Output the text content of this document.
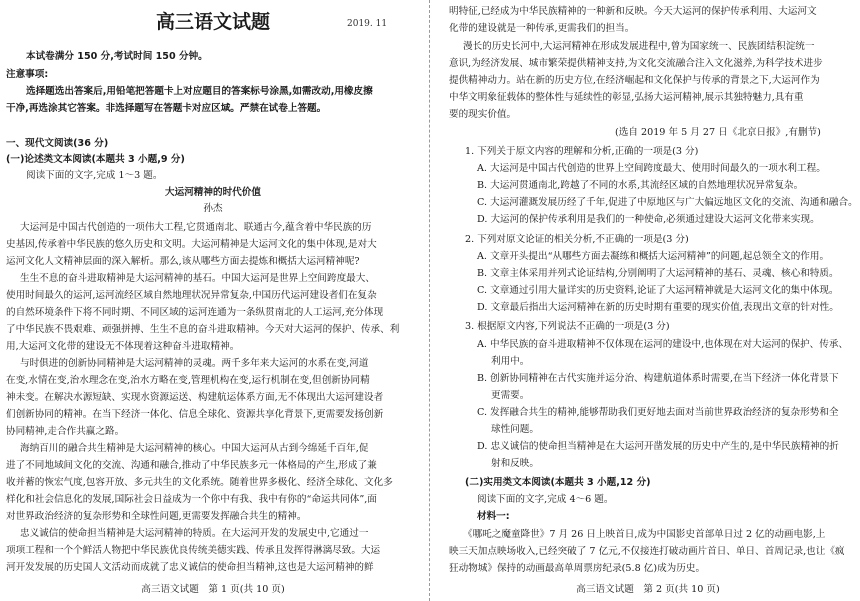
高三语文试题	2019. 11
本试卷满分 150 分,考试时间 150 分钟。
注意事项:
选择题选出答案后,用铅笔把答题卡上对应题目的答案标号涂黑,如需改动,用橡皮擦
干净,再选涂其它答案。非选择题写在答题卡对应区域。严禁在试卷上答题。
一、现代文阅读(36 分)
(一)论述类文本阅读(本题共 3 小题,9 分)
阅读下面的文字,完成 1～3 题。
大运河精神的时代价值
孙杰
大运河是中国古代创造的一项伟大工程,它贯通南北、联通古今,蕴含着中华民族的历
史基因,传承着中华民族的悠久历史和文明。大运河精神是大运河文化的集中体现,是对大
运河文化人文精神层面的深入解析。那么,该从哪些方面去提炼和概括大运河精神呢?
生生不息的奋斗进取精神是大运河精神的基石。中国大运河是世界上空间跨度最大、
使用时间最久的运河,运河流经区域自然地理状况异常复杂,中国历代运河建设者们在复杂
的自然环境条件下将不同时期、不同区域的运河连通为一条纵贯南北的人工运河,充分体现
了中华民族不畏艰难、顽强拼搏、生生不息的奋斗进取精神。今天对大运河的保护、传承、利
用,大运河文化带的建设无不体现着这种奋斗进取精神。
与时俱进的创新协同精神是大运河精神的灵魂。两千多年来大运河的水系在变,河道
在变,水情在变,治水理念在变,治水方略在变,管理机构在变,运行机制在变,但创新协同精
神未变。在解决水源短缺、实现水资源运送、构建航运体系方面,无不体现出大运河建设者
们创新协同的精神。在当下经济一体化、信息全球化、资源共享化背景下,更需要发扬创新
协同精神,走合作共赢之路。
海纳百川的融合共生精神是大运河精神的核心。中国大运河从古到今绵延千百年,促
进了不同地域间文化的交流、沟通和融合,推动了中华民族多元一体格局的产生,形成了兼
收并蓄的恢宏气度,包容开放、多元共生的文化系统。随着世界多极化、经济全球化、文化多
样化和社会信息化的发展,国际社会日益成为一个你中有我、我中有你的“命运共同体”,面
对世界政治经济的复杂形势和全球性问题,更需要发挥融合共生的精神。
忠义诚信的使命担当精神是大运河精神的特质。在大运河开发的发展史中,它通过一
项项工程和一个个鲜活人物把中华民族优良传统美德实践、传承且发挥得淋漓尽致。大运
河开发发展的历史国人文活动而成就了忠义诚信的使命担当精神,这也是大运河精神的鲜
高三语文试题　第 1 页(共 10 页)
明特征,已经成为中华民族精神的一种新和反映。今天大运河的保护传承利用、大运河文
化带的建设就是一种传承,更需我们的担当。
漫长的历史长河中,大运河精神在形成发展进程中,曾为国家统一、民族团结积淀统一
意识,为经济发展、城市繁荣提供精神支持,为文化交流融合注入文化滋养,为科学技术进步
提供精神动力。站在新的历史方位,在经济崛起和文化保护与传承的背景之下,大运河作为
中华文明象征载体的整体性与延续性的彰显,弘扬大运河精神,展示其独特魅力,具有重
要的现实价值。
(选自 2019 年 5 月 27 日《北京日报》,有删节)
1. 下列关于原文内容的理解和分析,正确的一项是(3 分)
A. 大运河是中国古代创造的世界上空间跨度最大、使用时间最久的一项水利工程。
B. 大运河贯通南北,跨越了不同的水系,其流经区域的自然地理状况异常复杂。
C. 大运河灌溉发展历经了千年,促进了中原地区与广大偏远地区文化的交流、沟通和融合。
D. 大运河的保护传承利用是我们的一种使命,必须通过建设大运河文化带来实现。
2. 下列对原文论证的相关分析,不正确的一项是(3 分)
A. 文章开头提出“从哪些方面去凝练和概括大运河精神”的问题,起总领全文的作用。
B. 文章主体采用并列式论证结构,分别阐明了大运河精神的基石、灵魂、核心和特质。
C. 文章通过引用大量详实的历史资料,论证了大运河精神就是大运河文化的集中体现。
D. 文章最后指出大运河精神在新的历史时期有重要的现实价值,表现出文章的针对性。
3. 根据原文内容,下列说法不正确的一项是(3 分)
A. 中华民族的奋斗进取精神不仅体现在运河的建设中,也体现在对大运河的保护、传承、
利用中。
B. 创新协同精神在古代实施并运分治、构建航道体系时需要,在当下经济一体化背景下
更需要。
C. 发挥融合共生的精神,能够帮助我们更好地去面对当前世界政治经济的复杂形势和全
球性问题。
D. 忠义诚信的使命担当精神是在大运河开凿发展的历史中产生的,是中华民族精神的折
射和反映。
(二)实用类文本阅读(本题共 3 小题,12 分)
阅读下面的文字,完成 4～6 题。
材料一:
《哪吒之魔童降世》7 月 26 日上映首日,成为中国影史首部单日过 2 亿的动画电影,上
映三天加点映场收入,已经突破了 7 亿元,不仅接连打破动画片首日、单日、首周记录,也让《疯
狂动物城》保持的动画最高单周票房纪录(5.8 亿)成为历史。
高三语文试题　第 2 页(共 10 页)
